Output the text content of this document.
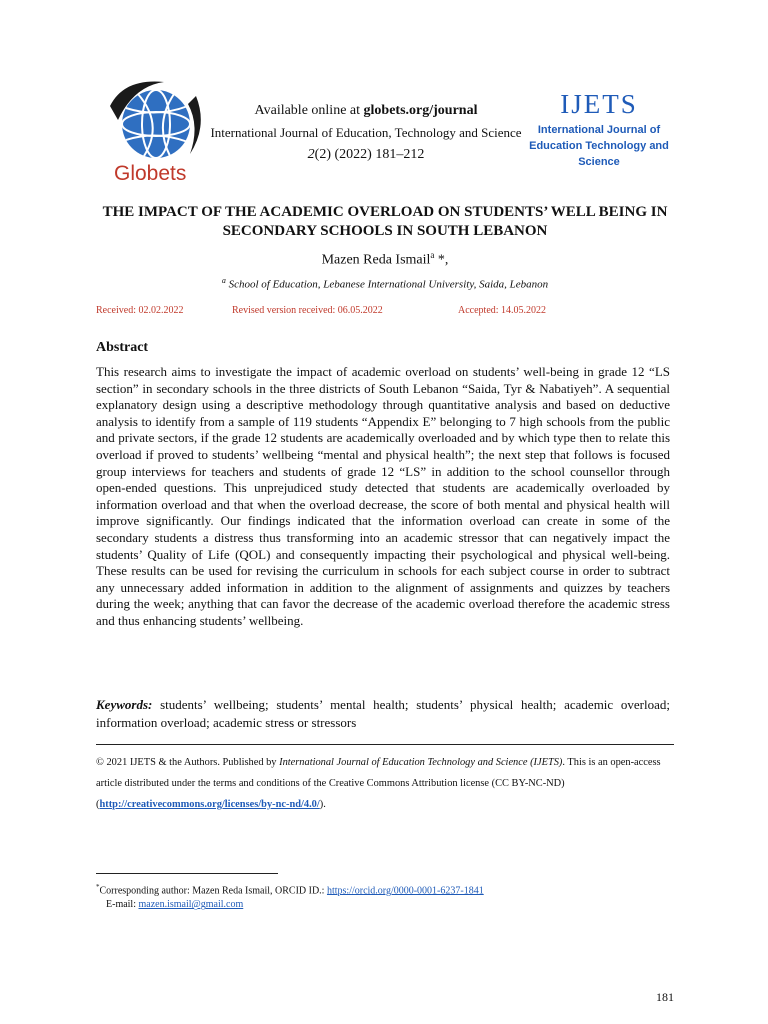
Globets
Available online at globets.org/journal
International Journal of Education, Technology and Science
2(2) (2022) 181–212
IJETS
International Journal of Education Technology and Science
THE IMPACT OF THE ACADEMIC OVERLOAD ON STUDENTS’ WELL BEING IN SECONDARY SCHOOLS IN SOUTH LEBANON
Mazen Reda Ismail$^a$ *,
$^a$ School of Education, Lebanese International University, Saida, Lebanon
Received: 02.02.2022	Revised version received: 06.05.2022	Accepted: 14.05.2022
Abstract
This research aims to investigate the impact of academic overload on students’ well-being in grade 12 “LS section” in secondary schools in the three districts of South Lebanon “Saida, Tyr & Nabatiyeh”. A sequential explanatory design using a descriptive methodology through quantitative analysis and based on deductive analysis to identify from a sample of 119 students “Appendix E” belonging to 7 high schools from the public and private sectors, if the grade 12 students are academically overloaded and by which type then to relate this overload if proved to students’ wellbeing “mental and physical health”; the next step that follows is focused group interviews for teachers and students of grade 12 “LS” in addition to the school counsellor through open-ended questions. This unprejudiced study detected that students are academically overloaded by information overload and that when the overload decrease, the score of both mental and physical health will improve significantly. Our findings indicated that the information overload can create in some of the secondary students a distress thus transforming into an academic stressor that can negatively impact the students’ Quality of Life (QOL) and consequently impacting their psychological and physical well-being. These results can be used for revising the curriculum in schools for each subject course in order to subtract any unnecessary added information in addition to the alignment of assignments and quizzes by teachers during the week; anything that can favor the decrease of the academic overload therefore the academic stress and thus enhancing students’ wellbeing.
Keywords: students’ wellbeing; students’ mental health; students’ physical health; academic overload; information overload; academic stress or stressors
© 2021 IJETS & the Authors. Published by International Journal of Education Technology and Science (IJETS). This is an open-access article distributed under the terms and conditions of the Creative Commons Attribution license (CC BY-NC-ND) (http://creativecommons.org/licenses/by-nc-nd/4.0/).
*Corresponding author: Mazen Reda Ismail, ORCID ID.: https://orcid.org/0000-0001-6237-1841
E-mail: mazen.ismail@gmail.com
181
